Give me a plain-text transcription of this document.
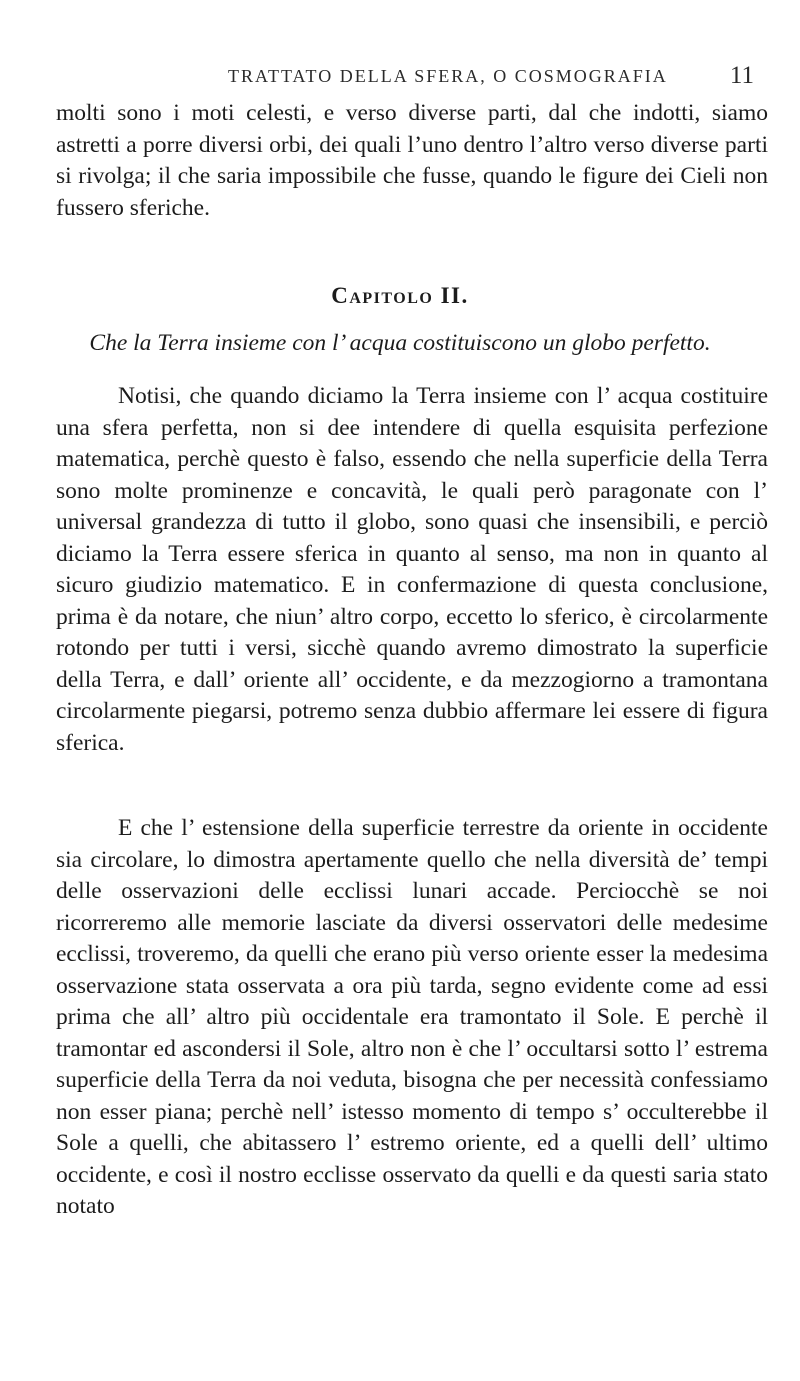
TRATTATO DELLA SFERA, O COSMOGRAFIA 11

molti sono i moti celesti, e verso diverse parti, dal che indotti, siamo astretti a porre diversi orbi, dei quali l’uno dentro l’altro verso diverse parti si rivolga; il che saria impossibile che fusse, quando le figure dei Cieli non fussero sferiche.

Capitolo II.

Che la Terra insieme con l’ acqua costituiscono un globo perfetto.

Notisi, che quando diciamo la Terra insieme con l’ acqua costituire una sfera perfetta, non si dee intendere di quella esquisita perfezione matematica, perchè questo è falso, essendo che nella superficie della Terra sono molte prominenze e concavità, le quali però paragonate con l’ universal grandezza di tutto il globo, sono quasi che insensibili, e perciò diciamo la Terra essere sferica in quanto al senso, ma non in quanto al sicuro giudizio matematico. E in confermazione di questa conclusione, prima è da notare, che niun’ altro corpo, eccetto lo sferico, è circolarmente rotondo per tutti i versi, sicchè quando avremo dimostrato la superficie della Terra, e dall’ oriente all’ occidente, e da mezzogiorno a tramontana circolarmente piegarsi, potremo senza dubbio affermare lei essere di figura sferica.

E che l’ estensione della superficie terrestre da oriente in occidente sia circolare, lo dimostra apertamente quello che nella diversità de’ tempi delle osservazioni delle ecclissi lunari accade. Perciocchè se noi ricorreremo alle memorie lasciate da diversi osservatori delle medesime ecclissi, troveremo, da quelli che erano più verso oriente esser la medesima osservazione stata osservata a ora più tarda, segno evidente come ad essi prima che all’ altro più occidentale era tramontato il Sole. E perchè il tramontar ed ascondersi il Sole, altro non è che l’ occultarsi sotto l’ estrema superficie della Terra da noi veduta, bisogna che per necessità confessiamo non esser piana; perchè nell’ istesso momento di tempo s’ occulterebbe il Sole a quelli, che abitassero l’ estremo oriente, ed a quelli dell’ ultimo occidente, e così il nostro ecclisse osservato da quelli e da questi saria stato notato
